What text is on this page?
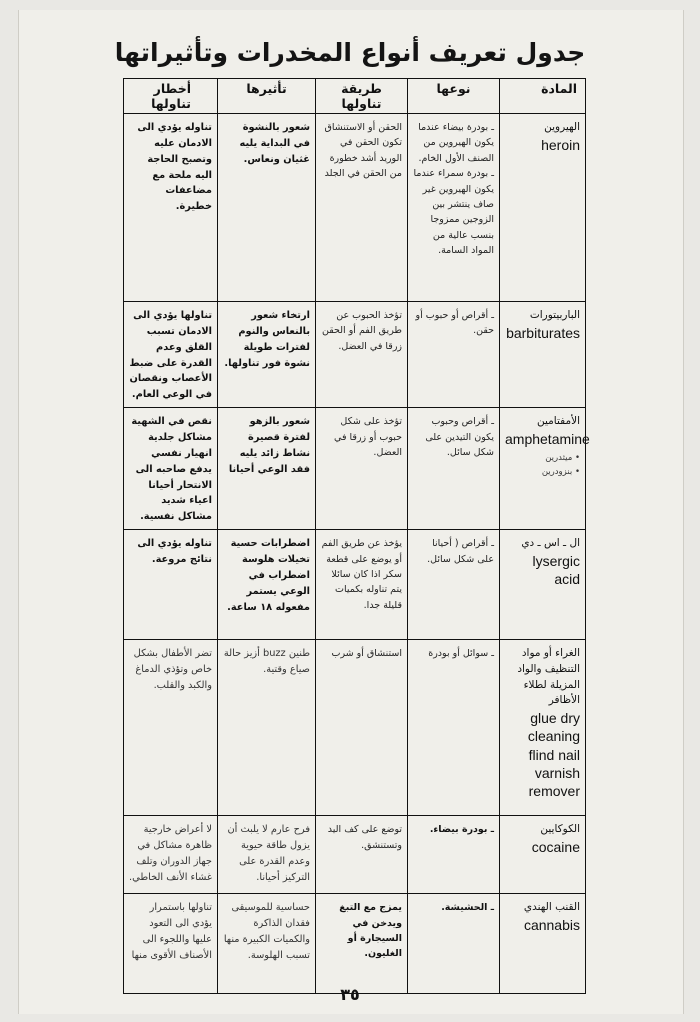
جدول تعريف أنواع المخدرات وتأثيراتها
المادة	نوعها	طريقة تناولها	تأثيرها	أخطار تناولها

الهيروين
heroin	ـ بودرة بيضاء عندما يكون الهيروين من الصنف الأول الخام. ـ بودرة سمراء عندما يكون الهيروين غير صاف ينتشر بين الزوجين ممزوجا بنسب عالية من المواد السامة.	الحقن أو الاستنشاق تكون الحقن في الوريد أشد خطورة من الحقن في الجلد	شعور بالنشوة في البداية يليه غثيان ونعاس.	تناوله يؤدي الى الادمان عليه وتصبح الحاجة اليه ملحة مع مضاعفات خطيرة.

الباربيتورات
barbiturates	ـ أقراص أو حبوب أو حقن.	تؤخذ الحبوب عن طريق الفم أو الحقن زرقا في العضل.	ارتخاء شعور بالنعاس والنوم لفترات طويلة نشوة فور تناولها.	تناولها يؤدي الى الادمان تسبب القلق وعدم القدرة على ضبط الأعصاب ونقصان في الوعي العام.

الأمفتامين
amphetamine
• ميثدرين
• بنزودرين	ـ أقراص وحبوب يكون التيدين على شكل سائل.	تؤخذ على شكل حبوب أو زرقا في العضل.	شعور بالزهو لفترة قصيرة نشاط زائد يليه فقد الوعي أحيانا	نقص في الشهية مشاكل جلدية انهيار نفسي يدفع صاحبه الى الانتحار أحيانا اعياء شديد مشاكل نفسية.

ال ـ اس ـ دي
lysergic acid	ـ أقراص ( أحيانا على شكل سائل.	يؤخذ عن طريق الفم أو يوضع على قطعة سكر اذا كان سائلا يتم تناوله بكميات قليلة جدا.	اضطرابات حسية تخيلات هلوسة اضطراب في الوعي يستمر مفعوله ١٨ ساعة.	تناوله يؤدي الى نتائج مروعة.

الغراء أو مواد التنظيف والواد المزيلة لطلاء الأظافر
glue dry cleaning flind nail varnish remover	ـ سوائل أو بودرة	استنشاق أو شرب	طنين buzz أزيز حالة صياع وقتية.	تضر الأطفال بشكل خاص وتؤذي الدماغ والكبد والقلب.

الكوكايين
cocaine	ـ بودرة بيضاء.	توضع على كف اليد وتستنشق.	فرح عارم لا يلبث أن يزول طاقة حيوية وعدم القدرة على التركيز أحيانا.	لا أعراض خارجية ظاهرة مشاكل في جهاز الدوران وتلف غشاء الأنف الخاطي.

القنب الهندي
cannabis	ـ الحشيشة.	يمزج مع التبغ ويدخن في السيجارة أو الغليون.	حساسية للموسيقى فقدان الذاكرة والكميات الكبيرة منها تسبب الهلوسة.	تناولها باستمرار يؤدي الى التعود عليها واللجوء الى الأصناف الأقوى منها
٣٥
